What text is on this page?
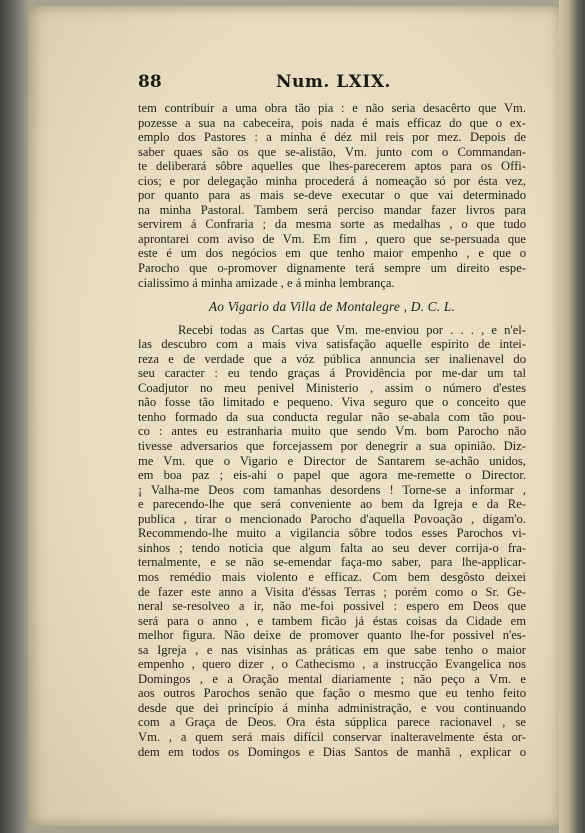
88	Num. LXIX.
tem contribuir a uma obra tão pia : e não seria desacêrto que Vm.
pozesse a sua na cabeceira, pois nada é mais efficaz do que o ex-
emplo dos Pastores : a minha é déz mil reis por mez. Depois de
saber quaes são os que se-alistão, Vm. junto com o Commandan-
te deliberará sôbre aquelles que lhes-parecerem aptos para os Offi-
cios; e por delegação minha procederá á nomeação só por ésta vez,
por quanto para as mais se-deve executar o que vai determinado
na minha Pastoral. Tambem será perciso mandar fazer livros para
servirem á Confraria ; da mesma sorte as medalhas , o que tudo
aprontarei com aviso de Vm. Em fim , quero que se-persuada que
este é um dos negócios em que tenho maior empenho , e que o
Parocho que o-promover dignamente terá sempre um direito espe-
cialissimo á minha amizade , e á minha lembrança.
Ao Vigario da Villa de Montalegre , D. C. L.
Recebi todas as Cartas que Vm. me-enviou por . . . , e n'el-
las descubro com a mais viva satisfação aquelle espirito de intei-
reza e de verdade que a vóz pública annuncia ser inalienavel do
seu caracter : eu tendo graças á Providência por me-dar um tal
Coadjutor no meu penivel Ministerio , assim o número d'estes
não fosse tão limitado e pequeno. Viva seguro que o conceito que
tenho formado da sua conducta regular não se-abala com tão pou-
co : antes eu estranharia muito que sendo Vm. bom Parocho não
tivesse adversarios que forcejassem por denegrir a sua opinião. Diz-
me Vm. que o Vigario e Director de Santarem se-achão unidos,
em boa paz ; eis-ahi o papel que agora me-remette o Director.
¡ Valha-me Deos com tamanhas desordens ! Torne-se a informar ,
e parecendo-lhe que será conveniente ao bem da Igreja e da Re-
publica , tirar o mencionado Parocho d'aquella Povoação , digam'o.
Recommendo-lhe muito a vigilancia sôbre todos esses Parochos vi-
sinhos ; tendo noticia que algum falta ao seu dever corrija-o fra-
ternalmente, e se não se-emendar faça-mo saber, para lhe-applicar-
mos remédio mais violento e efficaz. Com bem desgôsto deixei
de fazer este anno a Visita d'éssas Terras ; porém como o Sr. Ge-
neral se-resolveo a ir, não me-foi possivel : espero em Deos que
será para o anno , e tambem ficão já éstas coisas da Cidade em
melhor figura. Não deixe de promover quanto lhe-for possivel n'es-
sa Igreja , e nas visinhas as práticas em que sabe tenho o maior
empenho , quero dizer , o Cathecismo , a instrucção Evangelica nos
Domingos , e a Oração mental diariamente ; não peço a Vm. e
aos outros Parochos senão que fação o mesmo que eu tenho feito
desde que dei princípio á minha administração, e vou continuando
com a Graça de Deos. Ora ésta súpplica parece racionavel , se
Vm. , a quem será mais difícil conservar inalteravelmente ésta or-
dem em todos os Domingos e Dias Santos de manhã , explicar o
